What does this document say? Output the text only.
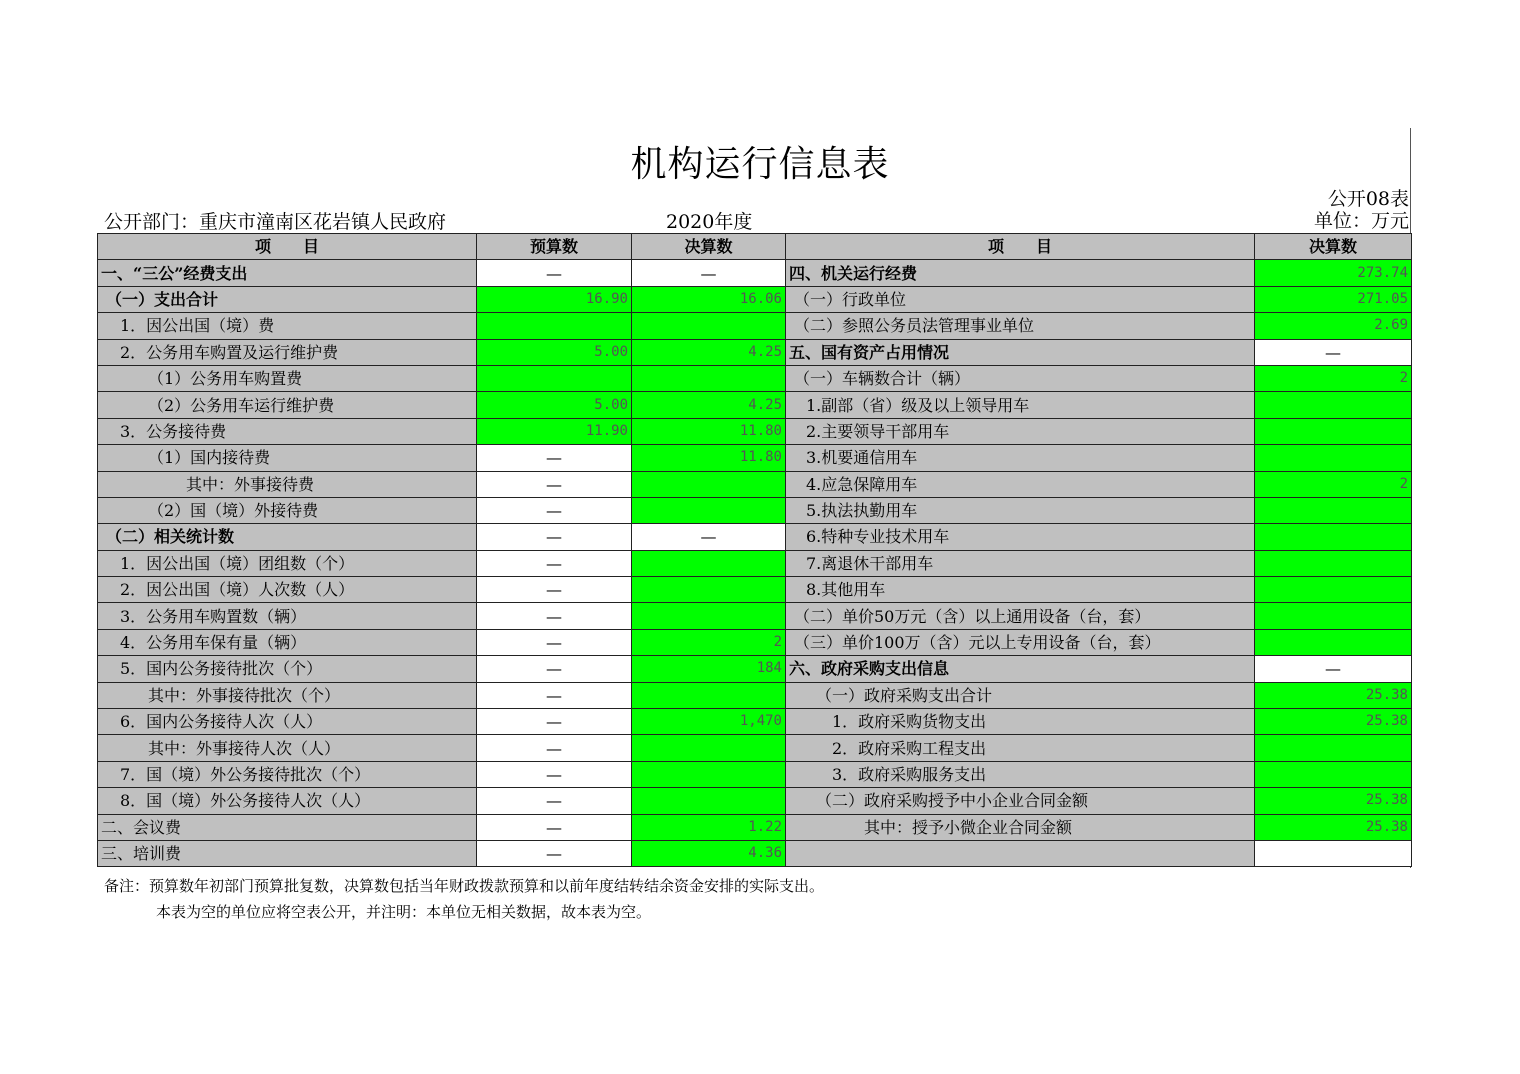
机构运行信息表
公开08表
公开部门：重庆市潼南区花岩镇人民政府	2020年度	单位：万元
项　　目	预算数	决算数	项　　目	决算数
一、“三公”经费支出	—	—	四、机关运行经费	273.74
（一）支出合计	16.90	16.06	（一）行政单位	271.05
1．因公出国（境）费			（二）参照公务员法管理事业单位	2.69
2．公务用车购置及运行维护费	5.00	4.25	五、国有资产占用情况	—
（1）公务用车购置费			（一）车辆数合计（辆）	2
（2）公务用车运行维护费	5.00	4.25	1.副部（省）级及以上领导用车	
3．公务接待费	11.90	11.80	2.主要领导干部用车	
（1）国内接待费	—	11.80	3.机要通信用车	
其中：外事接待费	—		4.应急保障用车	2
（2）国（境）外接待费	—		5.执法执勤用车	
（二）相关统计数	—	—	6.特种专业技术用车	
1．因公出国（境）团组数（个）	—		7.离退休干部用车	
2．因公出国（境）人次数（人）	—		8.其他用车	
3．公务用车购置数（辆）	—		（二）单价50万元（含）以上通用设备（台，套）	
4．公务用车保有量（辆）	—	2	（三）单价100万（含）元以上专用设备（台，套）	
5．国内公务接待批次（个）	—	184	六、政府采购支出信息	—
其中：外事接待批次（个）	—		（一）政府采购支出合计	25.38
6．国内公务接待人次（人）	—	1,470	1．政府采购货物支出	25.38
其中：外事接待人次（人）	—		2．政府采购工程支出	
7．国（境）外公务接待批次（个）	—		3．政府采购服务支出	
8．国（境）外公务接待人次（人）	—		（二）政府采购授予中小企业合同金额	25.38
二、会议费	—	1.22	其中：授予小微企业合同金额	25.38
三、培训费	—	4.36		
备注：预算数年初部门预算批复数，决算数包括当年财政拨款预算和以前年度结转结余资金安排的实际支出。
本表为空的单位应将空表公开，并注明：本单位无相关数据，故本表为空。
